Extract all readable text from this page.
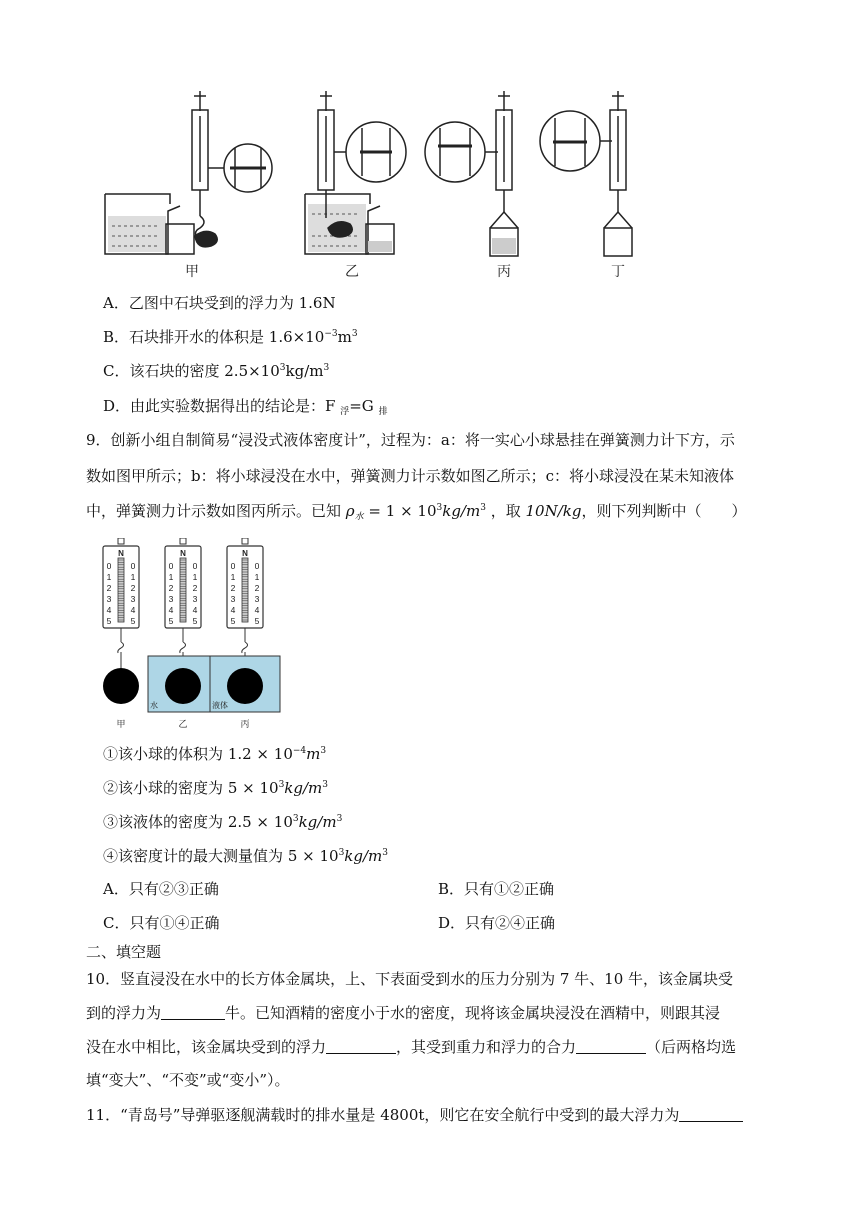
甲	乙	丙	丁
A．乙图中石块受到的浮力为 1.6N
B．石块排开水的体积是 $1.6\times 10^{-3}m^3$
C．该石块的密度 $2.5\times 10^3kg/m^3$
D．由此实验数据得出的结论是：F $_浮$=G $_排$
9．创新小组自制简易“浸没式液体密度计”，过程为：a：将一实心小球悬挂在弹簧测力计下方，示
数如图甲所示；b：将小球浸没在水中，弹簧测力计示数如图乙所示；c：将小球浸没在某未知液体
中，弹簧测力计示数如图丙所示。已知 $\rho_水 = 1 \times 10^3kg/m^3$ ，取 10N/kg，则下列判断中（　　）
N
0 0
1 1
2 2
3 3
4 4
5 5
甲
N
0 0
1 1
2 2
3 3
4 4
5 5
水
乙
N
0 0
1 1
2 2
3 3
4 4
5 5
液体
丙
①该小球的体积为 $1.2 \times 10^{-4}m^3$
②该小球的密度为 $5 \times 10^3kg/m^3$
③该液体的密度为 $2.5 \times 10^3kg/m^3$
④该密度计的最大测量值为 $5 \times 10^3kg/m^3$
A．只有②③正确	B．只有①②正确
C．只有①④正确	D．只有②④正确
二、填空题
10．竖直浸没在水中的长方体金属块，上、下表面受到水的压力分别为 7 牛、10 牛，该金属块受
到的浮力为	牛。已知酒精的密度小于水的密度，现将该金属块浸没在酒精中，则跟其浸
没在水中相比，该金属块受到的浮力	，其受到重力和浮力的合力	（后两格均选
填“变大”、“不变”或“变小”）。
11．“青岛号”导弹驱逐舰满载时的排水量是 4800t，则它在安全航行中受到的最大浮力为
